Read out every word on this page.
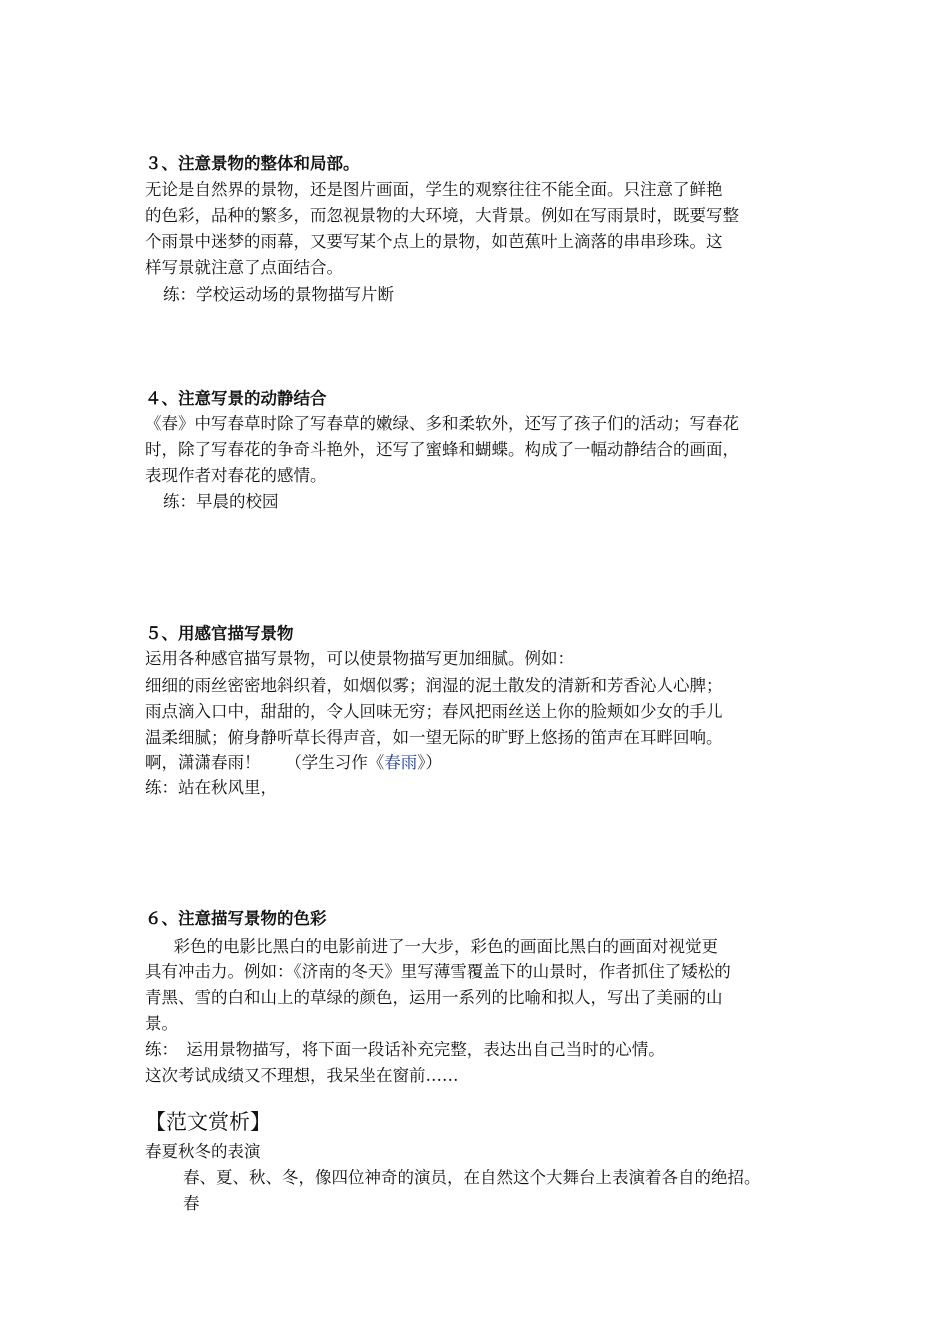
３、注意景物的整体和局部。
无论是自然界的景物，还是图片画面，学生的观察往往不能全面。只注意了鲜艳
的色彩，品种的繁多，而忽视景物的大环境，大背景。例如在写雨景时，既要写整
个雨景中迷梦的雨幕，又要写某个点上的景物，如芭蕉叶上滴落的串串珍珠。这
样写景就注意了点面结合。
练：学校运动场的景物描写片断
４、注意写景的动静结合
《春》中写春草时除了写春草的嫩绿、多和柔软外，还写了孩子们的活动；写春花
时，除了写春花的争奇斗艳外，还写了蜜蜂和蝴蝶。构成了一幅动静结合的画面，
表现作者对春花的感情。
练：早晨的校园
５、用感官描写景物
运用各种感官描写景物，可以使景物描写更加细腻。例如：
细细的雨丝密密地斜织着，如烟似雾；润湿的泥土散发的清新和芳香沁人心脾；
雨点滴入口中，甜甜的，令人回味无穷；春风把雨丝送上你的脸颊如少女的手儿
温柔细腻；俯身静听草长得声音，如一望无际的旷野上悠扬的笛声在耳畔回响。
啊，潇潇春雨！　　（学生习作《春雨》）
练：站在秋风里，
６、注意描写景物的色彩
　彩色的电影比黑白的电影前进了一大步，彩色的画面比黑白的画面对视觉更
具有冲击力。例如：《济南的冬天》里写薄雪覆盖下的山景时，作者抓住了矮松的
青黑、雪的白和山上的草绿的颜色，运用一系列的比喻和拟人，写出了美丽的山
景。
练：　运用景物描写，将下面一段话补充完整，表达出自己当时的心情。
这次考试成绩又不理想，我呆坐在窗前……
【范文赏析】
春夏秋冬的表演
春、夏、秋、冬，像四位神奇的演员，在自然这个大舞台上表演着各自的绝招。
春
